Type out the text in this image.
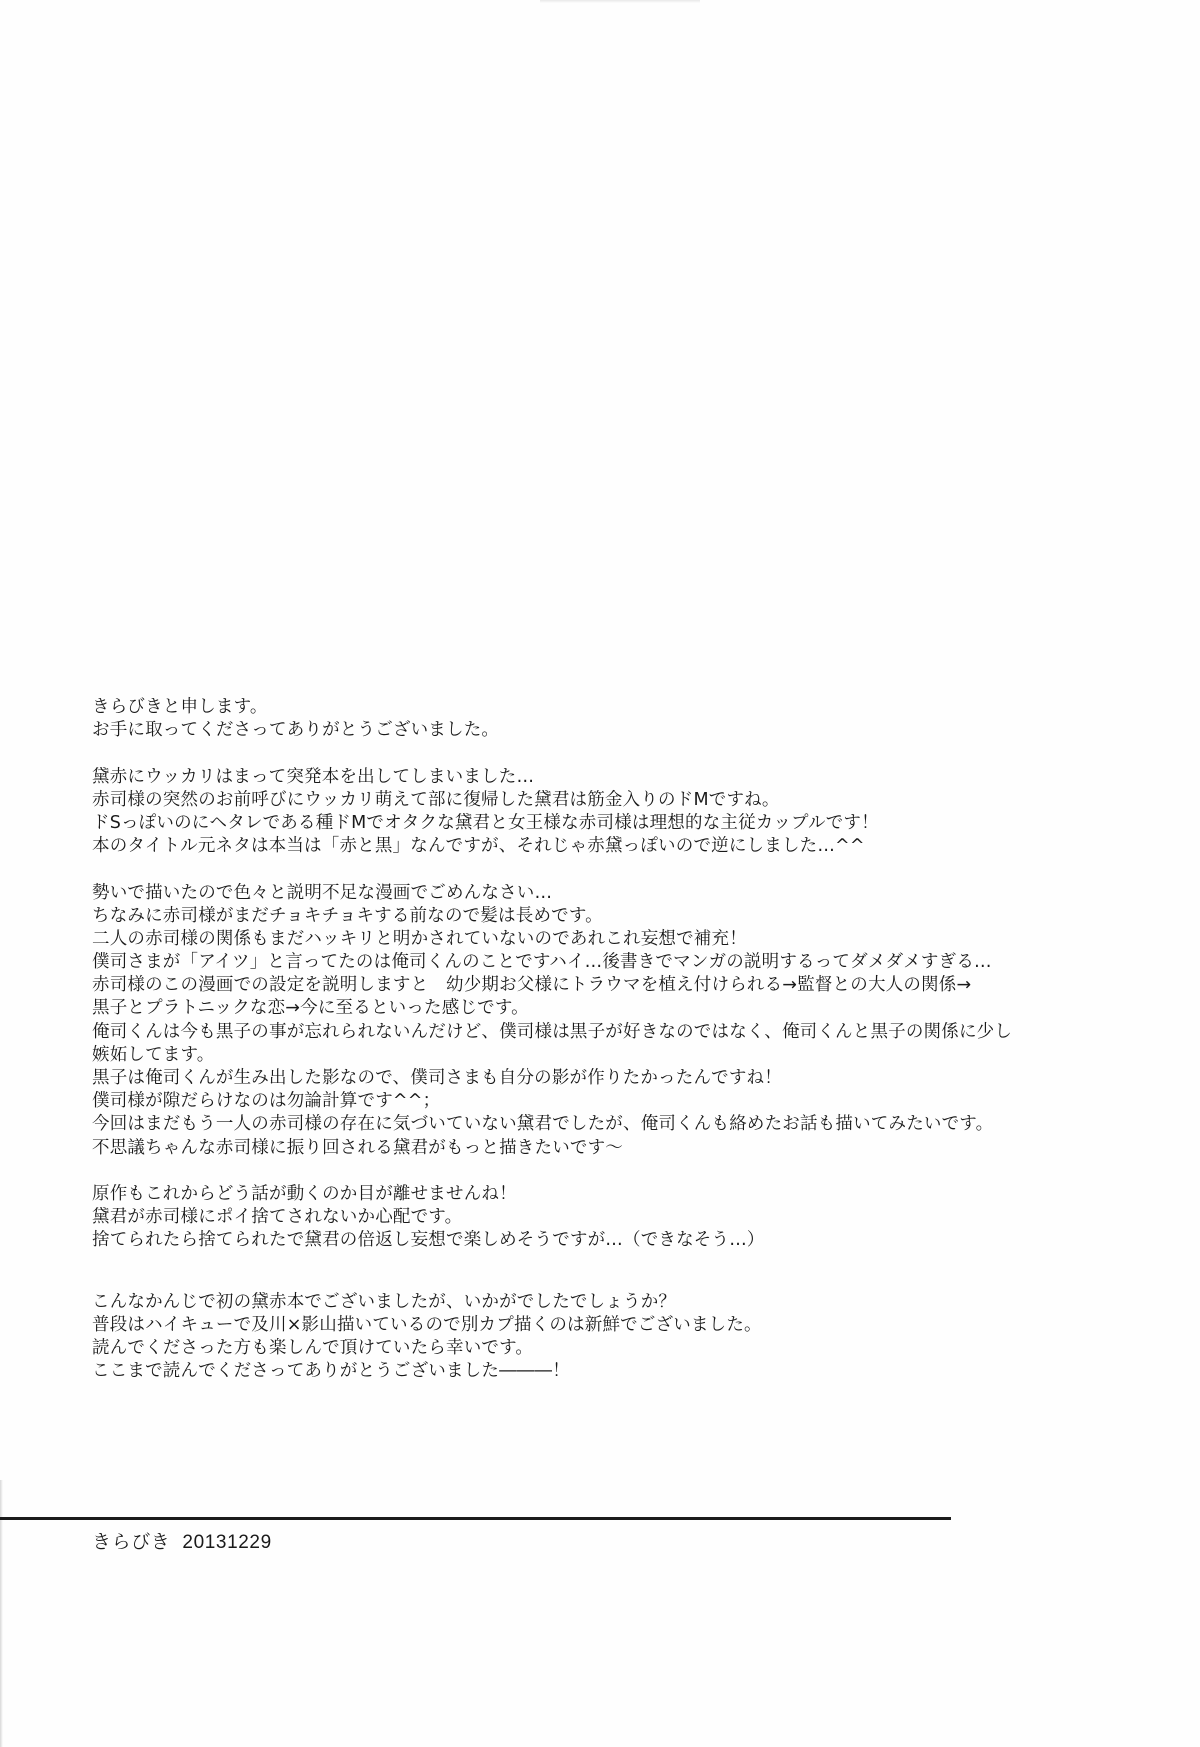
きらびきと申します。
お手に取ってくださってありがとうございました。

黛赤にウッカリはまって突発本を出してしまいました…
赤司様の突然のお前呼びにウッカリ萌えて部に復帰した黛君は筋金入りのドMですね。
ドSっぽいのにヘタレである種ドMでオタクな黛君と女王様な赤司様は理想的な主従カップルです！
本のタイトル元ネタは本当は「赤と黒」なんですが、それじゃ赤黛っぽいので逆にしました…^^

勢いで描いたので色々と説明不足な漫画でごめんなさい…
ちなみに赤司様がまだチョキチョキする前なので髪は長めです。
二人の赤司様の関係もまだハッキリと明かされていないのであれこれ妄想で補充！
僕司さまが「アイツ」と言ってたのは俺司くんのことですハイ…後書きでマンガの説明するってダメダメすぎる…
赤司様のこの漫画での設定を説明しますと　幼少期お父様にトラウマを植え付けられる→監督との大人の関係→
黒子とプラトニックな恋→今に至るといった感じです。
俺司くんは今も黒子の事が忘れられないんだけど、僕司様は黒子が好きなのではなく、俺司くんと黒子の関係に少し
嫉妬してます。
黒子は俺司くんが生み出した影なので、僕司さまも自分の影が作りたかったんですね！
僕司様が隙だらけなのは勿論計算です^^；
今回はまだもう一人の赤司様の存在に気づいていない黛君でしたが、俺司くんも絡めたお話も描いてみたいです。
不思議ちゃんな赤司様に振り回される黛君がもっと描きたいです～

原作もこれからどう話が動くのか目が離せませんね！
黛君が赤司様にポイ捨てされないか心配です。
捨てられたら捨てられたで黛君の倍返し妄想で楽しめそうですが…（できなそう…）

こんなかんじで初の黛赤本でございましたが、いかがでしたでしょうか？
普段はハイキューで及川×影山描いているので別カプ描くのは新鮮でございました。
読んでくださった方も楽しんで頂けていたら幸いです。
ここまで読んでくださってありがとうございました―――！

きらびき 20131229
